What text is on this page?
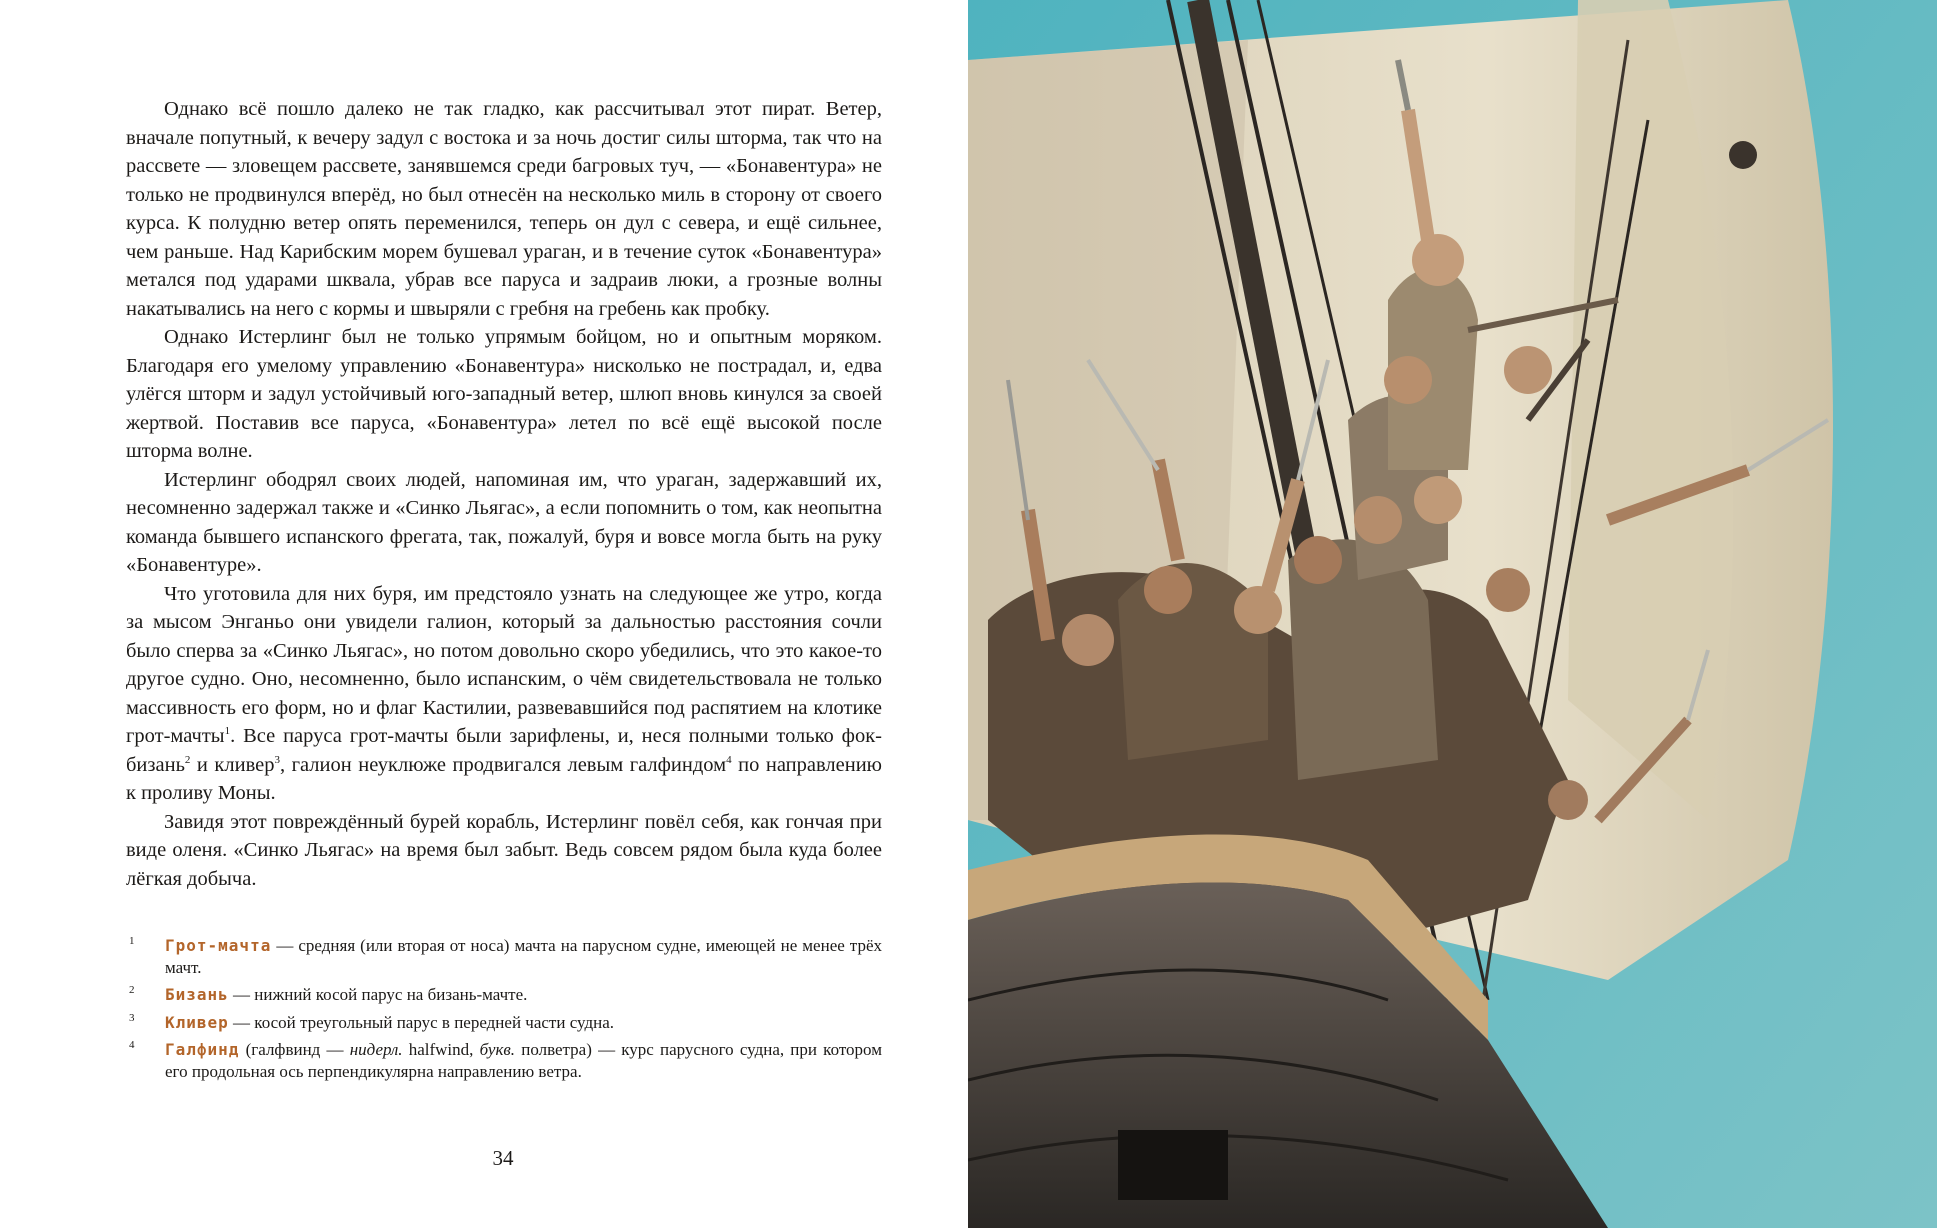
Однако всё пошло далеко не так гладко, как рассчитывал этот пират. Ветер, вначале попутный, к вечеру задул с востока и за ночь достиг силы шторма, так что на рассвете — зловещем рассвете, занявшемся среди багровых туч, — «Бонавентура» не только не продвинулся вперёд, но был отнесён на несколько миль в сторону от своего курса. К полудню ветер опять переменился, теперь он дул с севера, и ещё сильнее, чем раньше. Над Карибским морем бушевал ураган, и в течение суток «Бонавентура» метался под ударами шквала, убрав все паруса и задраив люки, а грозные волны накатывались на него с кормы и швыряли с гребня на гребень как пробку.

Однако Истерлинг был не только упрямым бойцом, но и опытным моряком. Благодаря его умелому управлению «Бонавентура» нисколько не пострадал, и, едва улёгся шторм и задул устойчивый юго-западный ветер, шлюп вновь кинулся за своей жертвой. Поставив все паруса, «Бонавентура» летел по всё ещё высокой после шторма волне.

Истерлинг ободрял своих людей, напоминая им, что ураган, задержавший их, несомненно задержал также и «Синко Льягас», а если попомнить о том, как неопытна команда бывшего испанского фрегата, так, пожалуй, буря и вовсе могла быть на руку «Бонавентуре».

Что уготовила для них буря, им предстояло узнать на следующее же утро, когда за мысом Энганьо они увидели галион, который за дальностью расстояния сочли было сперва за «Синко Льягас», но потом довольно скоро убедились, что это какое-то другое судно. Оно, несомненно, было испанским, о чём свидетельствовала не только массивность его форм, но и флаг Кастилии, развевавшийся под распятием на клотике грот-мачты$^1$. Все паруса грот-мачты были зарифлены, и, неся полными только фок-бизань$^2$ и кливер$^3$, галион неуклюже продвигался левым галфиндом$^4$ по направлению к проливу Моны.

Завидя этот повреждённый бурей корабль, Истерлинг повёл себя, как гончая при виде оленя. «Синко Льягас» на время был забыт. Ведь совсем рядом была куда более лёгкая добыча.

1 Грот-мачта — средняя (или вторая от носа) мачта на парусном судне, имеющей не менее трёх мачт.
2 Бизань — нижний косой парус на бизань-мачте.
3 Кливер — косой треугольный парус в передней части судна.
4 Галфинд (галфвинд — нидерл. halfwind, букв. полветра) — курс парусного судна, при котором его продольная ось перпендикулярна направлению ветра.
34
